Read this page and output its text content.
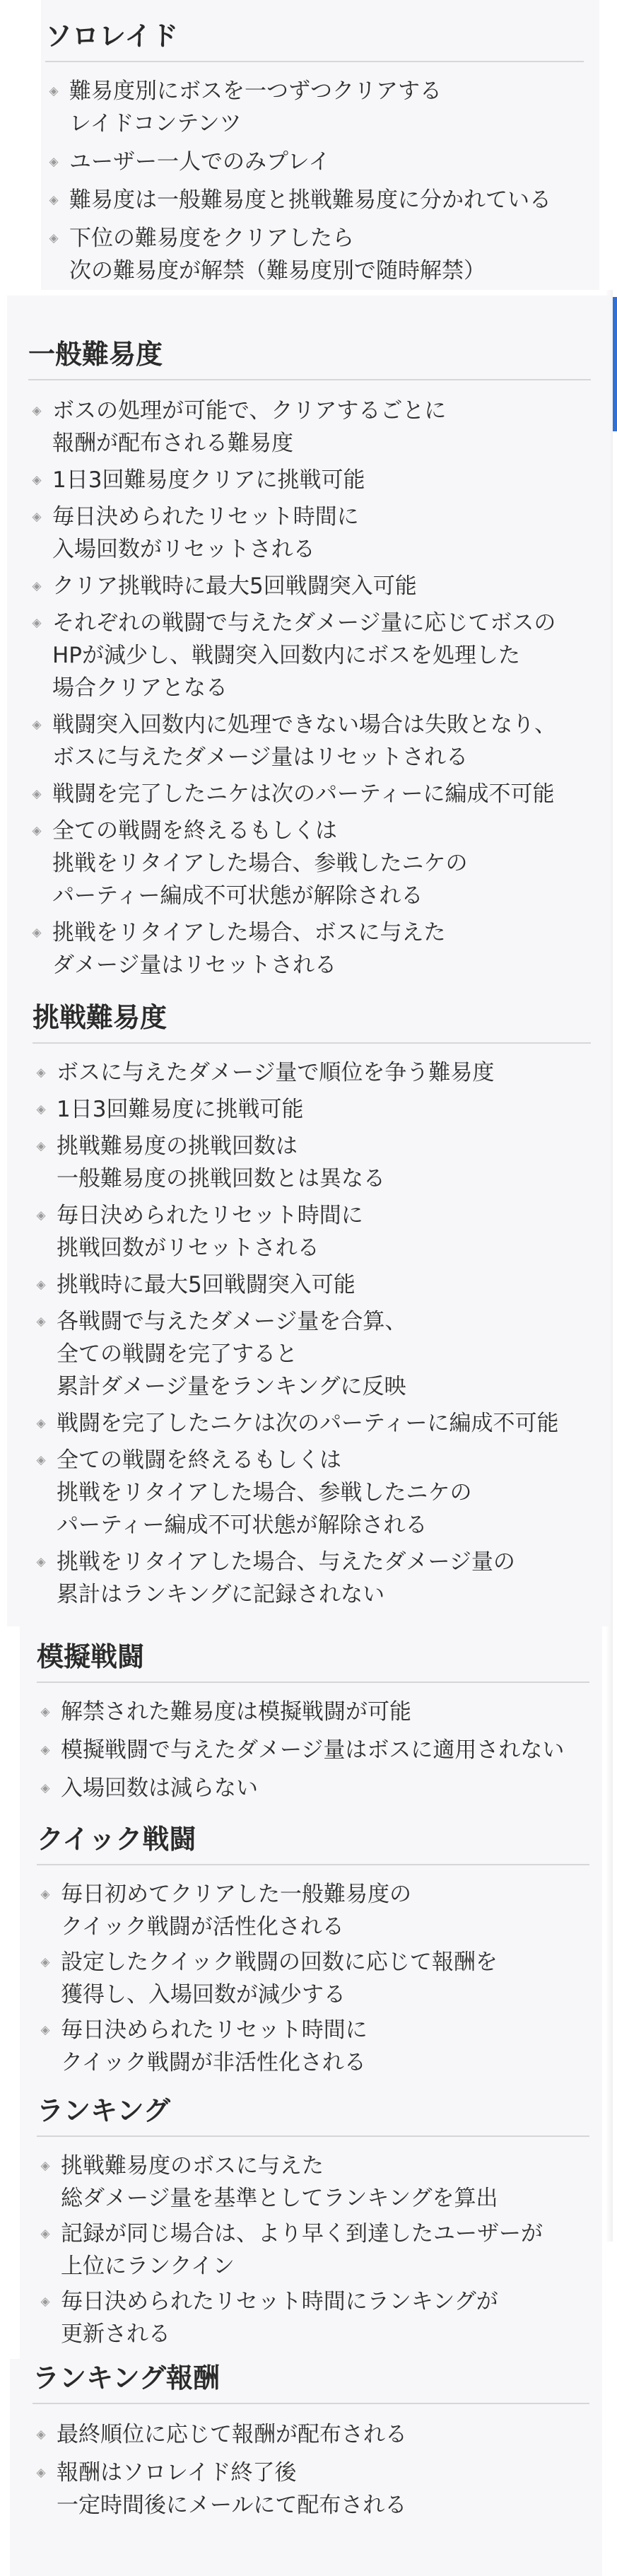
ソロレイド
◈ 難易度別にボスを一つずつクリアする
レイドコンテンツ
◈ ユーザー一人でのみプレイ
◈ 難易度は一般難易度と挑戦難易度に分かれている
◈ 下位の難易度をクリアしたら
次の難易度が解禁（難易度別で随時解禁）
一般難易度
◈ ボスの処理が可能で、クリアするごとに
報酬が配布される難易度
◈ 1日3回難易度クリアに挑戦可能
◈ 毎日決められたリセット時間に
入場回数がリセットされる
◈ クリア挑戦時に最大5回戦闘突入可能
◈ それぞれの戦闘で与えたダメージ量に応じてボスの
HPが減少し、戦闘突入回数内にボスを処理した
場合クリアとなる
◈ 戦闘突入回数内に処理できない場合は失敗となり、
ボスに与えたダメージ量はリセットされる
◈ 戦闘を完了したニケは次のパーティーに編成不可能
◈ 全ての戦闘を終えるもしくは
挑戦をリタイアした場合、参戦したニケの
パーティー編成不可状態が解除される
◈ 挑戦をリタイアした場合、ボスに与えた
ダメージ量はリセットされる
挑戦難易度
◈ ボスに与えたダメージ量で順位を争う難易度
◈ 1日3回難易度に挑戦可能
◈ 挑戦難易度の挑戦回数は
一般難易度の挑戦回数とは異なる
◈ 毎日決められたリセット時間に
挑戦回数がリセットされる
◈ 挑戦時に最大5回戦闘突入可能
◈ 各戦闘で与えたダメージ量を合算、
全ての戦闘を完了すると
累計ダメージ量をランキングに反映
◈ 戦闘を完了したニケは次のパーティーに編成不可能
◈ 全ての戦闘を終えるもしくは
挑戦をリタイアした場合、参戦したニケの
パーティー編成不可状態が解除される
◈ 挑戦をリタイアした場合、与えたダメージ量の
累計はランキングに記録されない
模擬戦闘
◈ 解禁された難易度は模擬戦闘が可能
◈ 模擬戦闘で与えたダメージ量はボスに適用されない
◈ 入場回数は減らない
クイック戦闘
◈ 毎日初めてクリアした一般難易度の
クイック戦闘が活性化される
◈ 設定したクイック戦闘の回数に応じて報酬を
獲得し、入場回数が減少する
◈ 毎日決められたリセット時間に
クイック戦闘が非活性化される
ランキング
◈ 挑戦難易度のボスに与えた
総ダメージ量を基準としてランキングを算出
◈ 記録が同じ場合は、より早く到達したユーザーが
上位にランクイン
◈ 毎日決められたリセット時間にランキングが
更新される
ランキング報酬
◈ 最終順位に応じて報酬が配布される
◈ 報酬はソロレイド終了後
一定時間後にメールにて配布される
